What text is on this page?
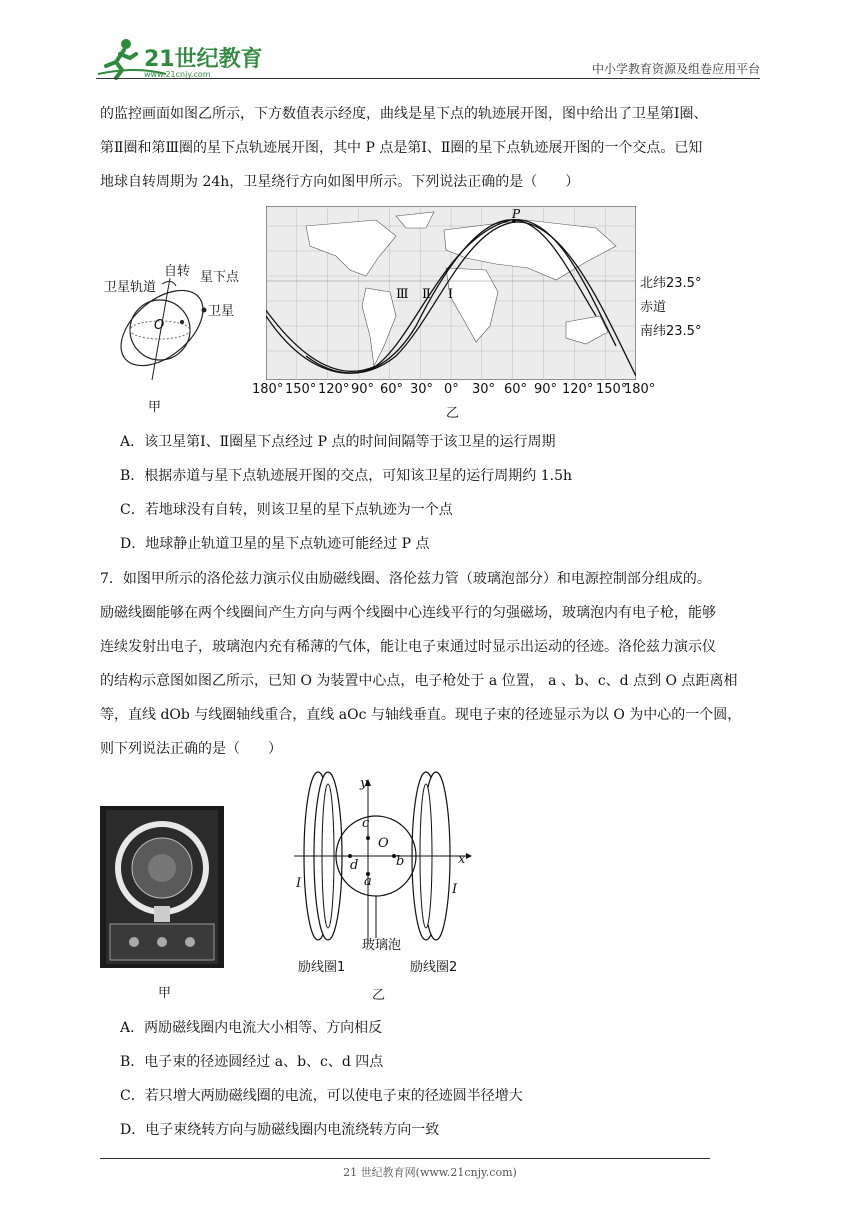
21世纪教育
www.21cnjy.com	中小学教育资源及组卷应用平台

的监控画面如图乙所示，下方数值表示经度，曲线是星下点的轨迹展开图，图中给出了卫星第Ⅰ圈、

第Ⅱ圈和第Ⅲ圈的星下点轨迹展开图，其中 P 点是第Ⅰ、Ⅱ圈的星下点轨迹展开图的一个交点。已知

地球自转周期为 24h，卫星绕行方向如图甲所示。下列说法正确的是（　　）

自转
卫星轨道
星下点
卫星
O
甲
P
Ⅲ Ⅱ Ⅰ
北纬23.5°
赤道
南纬23.5°
180° 150° 120° 90° 60° 30° 0° 30° 60° 90° 120° 150°
180°
乙

A．该卫星第Ⅰ、Ⅱ圈星下点经过 P 点的时间间隔等于该卫星的运行周期

B．根据赤道与星下点轨迹展开图的交点，可知该卫星的运行周期约 1.5h

C．若地球没有自转，则该卫星的星下点轨迹为一个点

D．地球静止轨道卫星的星下点轨迹可能经过 P 点

7．如图甲所示的洛伦兹力演示仪由励磁线圈、洛伦兹力管（玻璃泡部分）和电源控制部分组成的。

励磁线圈能够在两个线圈间产生方向与两个线圈中心连线平行的匀强磁场，玻璃泡内有电子枪，能够

连续发射出电子，玻璃泡内充有稀薄的气体，能让电子束通过时显示出运动的径迹。洛伦兹力演示仪

的结构示意图如图乙所示，已知 O 为装置中心点，电子枪处于 a 位置， a 、b、c、d 点到 O 点距离相

等，直线 dOb 与线圈轴线重合，直线 aOc 与轴线垂直。现电子束的径迹显示为以 O 为中心的一个圆，

则下列说法正确的是（　　）

甲
y
x
c
O
d	b
a
I	I
玻璃泡
励线圈1	励线圈2
乙

A．两励磁线圈内电流大小相等、方向相反

B．电子束的径迹圆经过 a、b、c、d 四点

C．若只增大两励磁线圈的电流，可以使电子束的径迹圆半径增大

D．电子束绕转方向与励磁线圈内电流绕转方向一致

21 世纪教育网(www.21cnjy.com)
